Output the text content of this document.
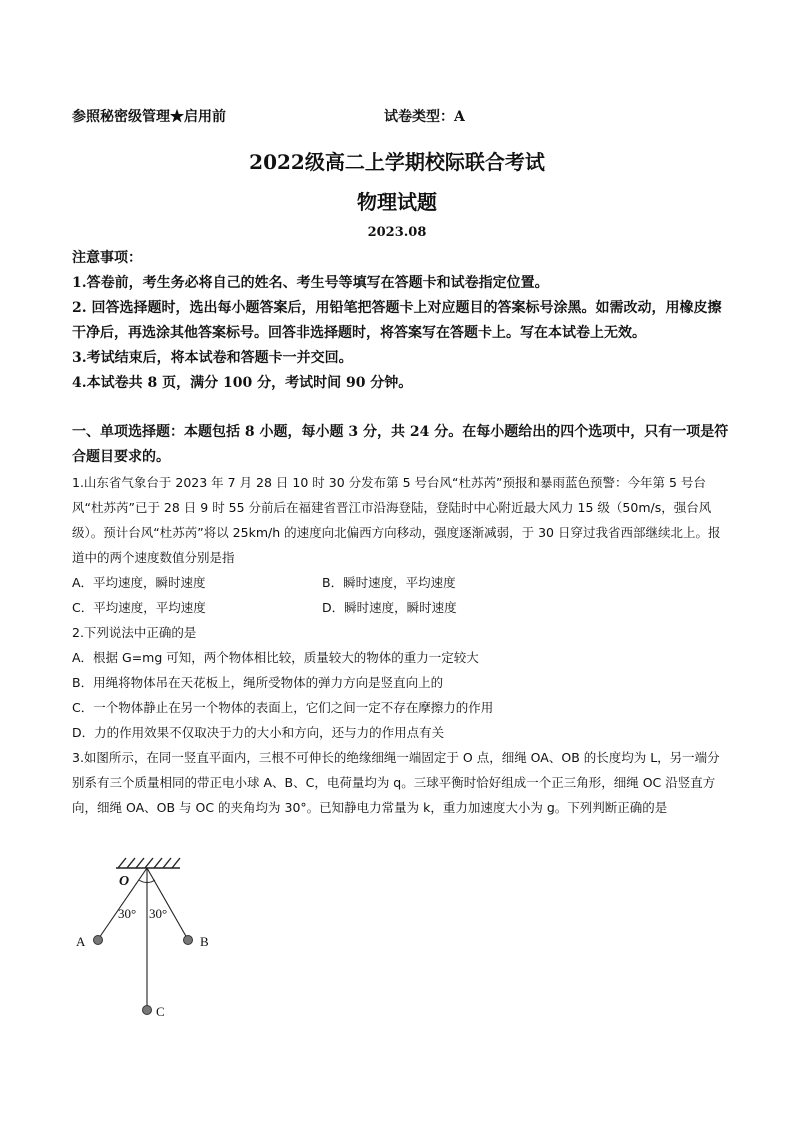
参照秘密级管理★启用前	试卷类型：A
2022级高二上学期校际联合考试
物理试题
2023.08

注意事项：

1.答卷前，考生务必将自己的姓名、考生号等填写在答题卡和试卷指定位置。

2. 回答选择题时，选出每小题答案后，用铅笔把答题卡上对应题目的答案标号涂黑。如需改动，用橡皮擦干净后，再选涂其他答案标号。回答非选择题时，将答案写在答题卡上。写在本试卷上无效。

3.考试结束后，将本试卷和答题卡一并交回。

4.本试卷共 8 页，满分 100 分，考试时间 90 分钟。

一、单项选择题：本题包括 8 小题，每小题 3 分，共 24 分。在每小题给出的四个选项中，只有一项是符合题目要求的。

1.山东省气象台于 2023 年 7 月 28 日 10 时 30 分发布第 5 号台风“杜苏芮”预报和暴雨蓝色预警：今年第 5 号台风“杜苏芮”已于 28 日 9 时 55 分前后在福建省晋江市沿海登陆，登陆时中心附近最大风力 15 级（50m/s，强台风级）。预计台风“杜苏芮”将以 25km/h 的速度向北偏西方向移动，强度逐渐减弱，于 30 日穿过我省西部继续北上。报道中的两个速度数值分别是指

A．平均速度，瞬时速度	B．瞬时速度，平均速度
C．平均速度，平均速度	D．瞬时速度，瞬时速度

2.下列说法中正确的是

A．根据 G=mg 可知，两个物体相比较，质量较大的物体的重力一定较大

B．用绳将物体吊在天花板上，绳所受物体的弹力方向是竖直向上的

C．一个物体静止在另一个物体的表面上，它们之间一定不存在摩擦力的作用

D．力的作用效果不仅取决于力的大小和方向，还与力的作用点有关

3.如图所示，在同一竖直平面内，三根不可伸长的绝缘细绳一端固定于 O 点，细绳 OA、OB 的长度均为 L，另一端分别系有三个质量相同的带正电小球 A、B、C，电荷量均为 q。三球平衡时恰好组成一个正三角形，细绳 OC 沿竖直方向，细绳 OA、OB 与 OC 的夹角均为 30°。已知静电力常量为 k，重力加速度大小为 g。下列判断正确的是

O
30° 30°
A	B
C
